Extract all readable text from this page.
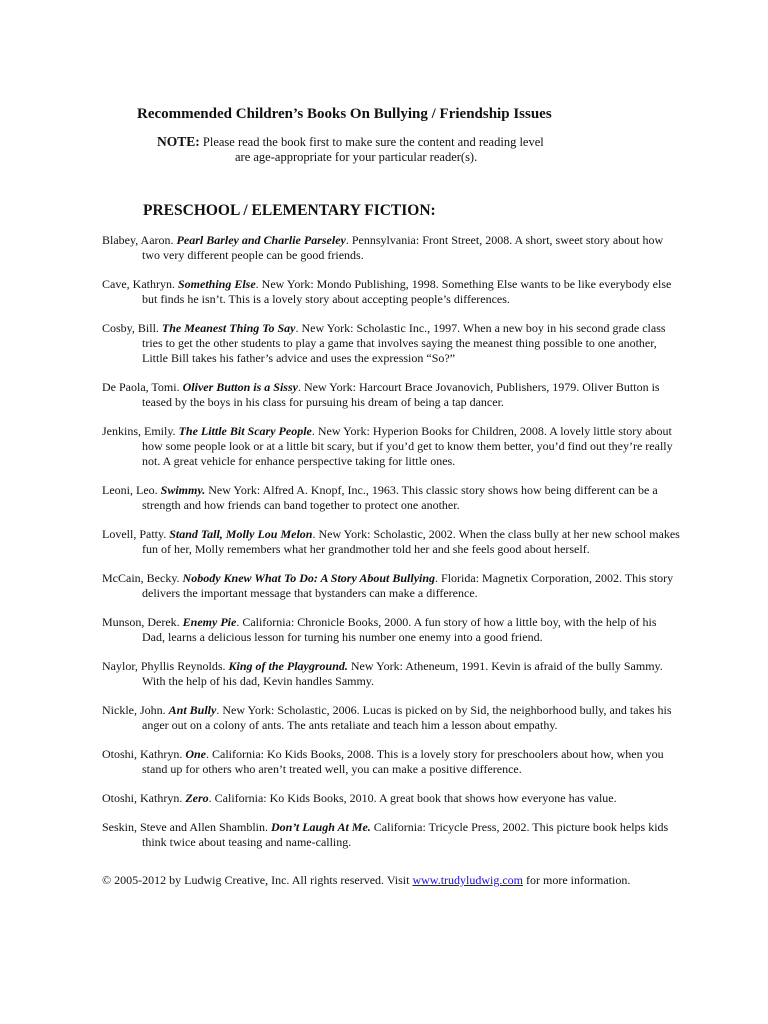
Recommended Children’s Books On Bullying / Friendship Issues
NOTE: Please read the book first to make sure the content and reading level
are age-appropriate for your particular reader(s).
PRESCHOOL / ELEMENTARY FICTION:
Blabey, Aaron. Pearl Barley and Charlie Parseley. Pennsylvania: Front Street, 2008. A short, sweet story about how two very different people can be good friends.
Cave, Kathryn. Something Else. New York: Mondo Publishing, 1998. Something Else wants to be like everybody else but finds he isn’t. This is a lovely story about accepting people’s differences.
Cosby, Bill. The Meanest Thing To Say. New York: Scholastic Inc., 1997. When a new boy in his second grade class tries to get the other students to play a game that involves saying the meanest thing possible to one another, Little Bill takes his father’s advice and uses the expression “So?”
De Paola, Tomi. Oliver Button is a Sissy. New York: Harcourt Brace Jovanovich, Publishers, 1979. Oliver Button is teased by the boys in his class for pursuing his dream of being a tap dancer.
Jenkins, Emily. The Little Bit Scary People. New York: Hyperion Books for Children, 2008. A lovely little story about how some people look or at a little bit scary, but if you’d get to know them better, you’d find out they’re really not. A great vehicle for enhance perspective taking for little ones.
Leoni, Leo. Swimmy. New York: Alfred A. Knopf, Inc., 1963. This classic story shows how being different can be a strength and how friends can band together to protect one another.
Lovell, Patty. Stand Tall, Molly Lou Melon. New York: Scholastic, 2002. When the class bully at her new school makes fun of her, Molly remembers what her grandmother told her and she feels good about herself.
McCain, Becky. Nobody Knew What To Do: A Story About Bullying. Florida: Magnetix Corporation, 2002. This story delivers the important message that bystanders can make a difference.
Munson, Derek. Enemy Pie. California: Chronicle Books, 2000. A fun story of how a little boy, with the help of his Dad, learns a delicious lesson for turning his number one enemy into a good friend.
Naylor, Phyllis Reynolds. King of the Playground. New York: Atheneum, 1991. Kevin is afraid of the bully Sammy. With the help of his dad, Kevin handles Sammy.
Nickle, John. Ant Bully. New York: Scholastic, 2006. Lucas is picked on by Sid, the neighborhood bully, and takes his anger out on a colony of ants. The ants retaliate and teach him a lesson about empathy.
Otoshi, Kathryn. One. California: Ko Kids Books, 2008. This is a lovely story for preschoolers about how, when you stand up for others who aren’t treated well, you can make a positive difference.
Otoshi, Kathryn. Zero. California: Ko Kids Books, 2010. A great book that shows how everyone has value.
Seskin, Steve and Allen Shamblin. Don’t Laugh At Me. California: Tricycle Press, 2002. This picture book helps kids think twice about teasing and name-calling.
© 2005-2012 by Ludwig Creative, Inc. All rights reserved. Visit www.trudyludwig.com for more information.
